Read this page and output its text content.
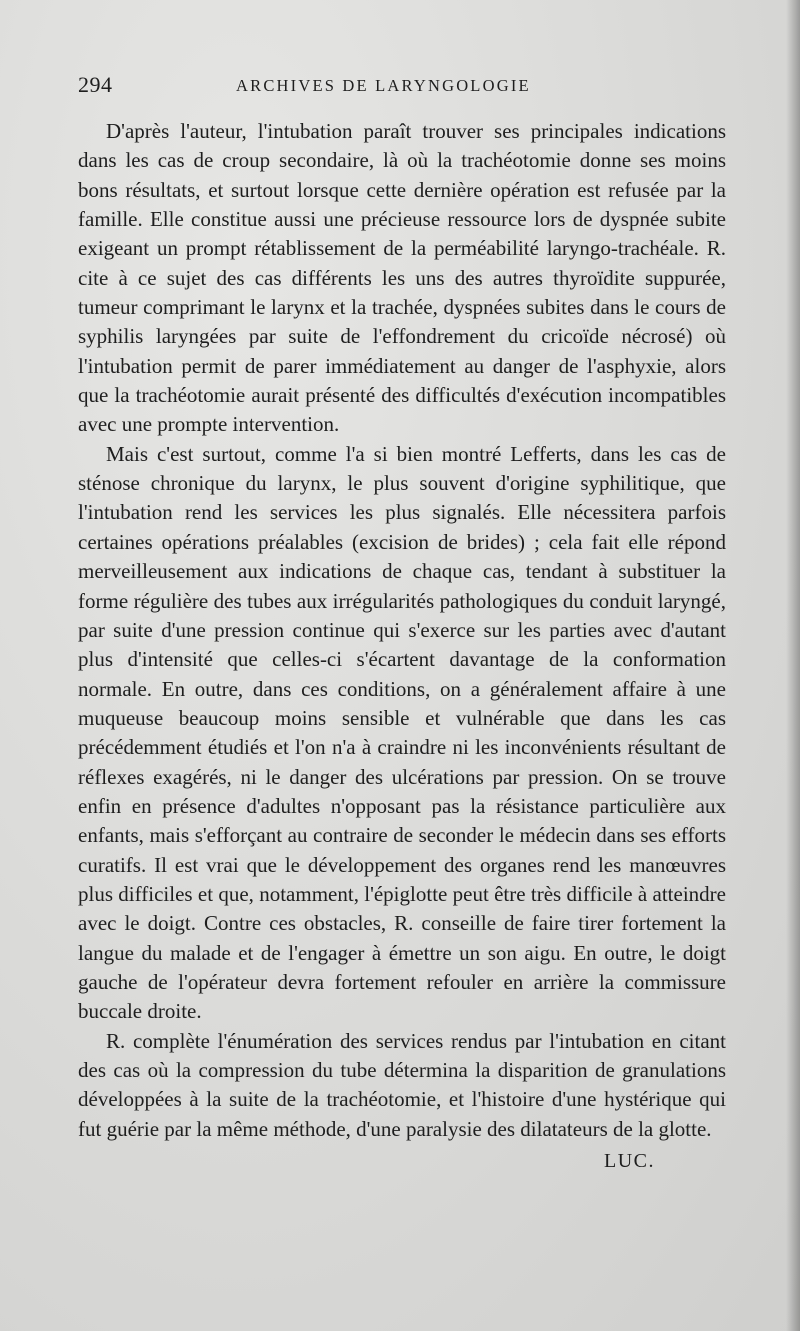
294	ARCHIVES DE LARYNGOLOGIE

D'après l'auteur, l'intubation paraît trouver ses principales indications dans les cas de croup secondaire, là où la trachéotomie donne ses moins bons résultats, et surtout lorsque cette dernière opération est refusée par la famille. Elle constitue aussi une précieuse ressource lors de dyspnée subite exigeant un prompt rétablissement de la perméabilité laryngo-trachéale. R. cite à ce sujet des cas différents les uns des autres thyroïdite suppurée, tumeur comprimant le larynx et la trachée, dyspnées subites dans le cours de syphilis laryngées par suite de l'effondrement du cricoïde nécrosé) où l'intubation permit de parer immédiatement au danger de l'asphyxie, alors que la trachéotomie aurait présenté des difficultés d'exécution incompatibles avec une prompte intervention.

Mais c'est surtout, comme l'a si bien montré Lefferts, dans les cas de sténose chronique du larynx, le plus souvent d'origine syphilitique, que l'intubation rend les services les plus signalés. Elle nécessitera parfois certaines opérations préalables (excision de brides) ; cela fait elle répond merveilleusement aux indications de chaque cas, tendant à substituer la forme régulière des tubes aux irrégularités pathologiques du conduit laryngé, par suite d'une pression continue qui s'exerce sur les parties avec d'autant plus d'intensité que celles-ci s'écartent davantage de la conformation normale. En outre, dans ces conditions, on a généralement affaire à une muqueuse beaucoup moins sensible et vulnérable que dans les cas précédemment étudiés et l'on n'a à craindre ni les inconvénients résultant de réflexes exagérés, ni le danger des ulcérations par pression. On se trouve enfin en présence d'adultes n'opposant pas la résistance particulière aux enfants, mais s'efforçant au contraire de seconder le médecin dans ses efforts curatifs. Il est vrai que le développement des organes rend les manœuvres plus difficiles et que, notamment, l'épiglotte peut être très difficile à atteindre avec le doigt. Contre ces obstacles, R. conseille de faire tirer fortement la langue du malade et de l'engager à émettre un son aigu. En outre, le doigt gauche de l'opérateur devra fortement refouler en arrière la commissure buccale droite.

R. complète l'énumération des services rendus par l'intubation en citant des cas où la compression du tube détermina la disparition de granulations développées à la suite de la trachéotomie, et l'histoire d'une hystérique qui fut guérie par la même méthode, d'une paralysie des dilatateurs de la glotte.

LUC.
